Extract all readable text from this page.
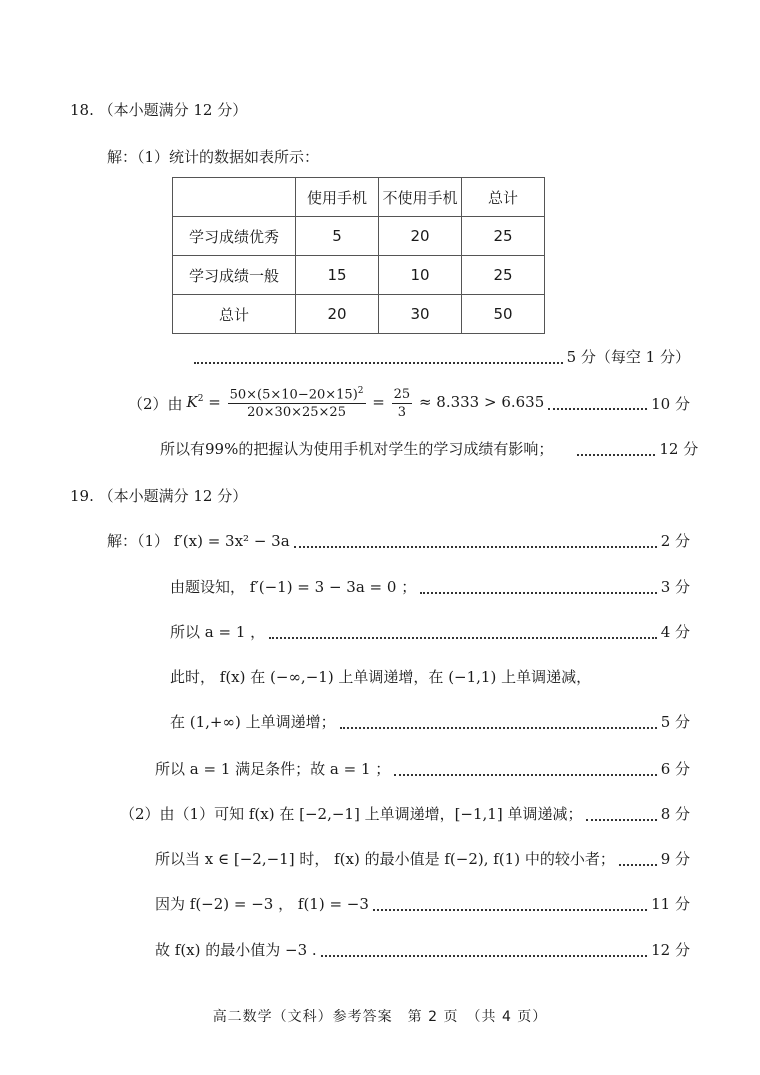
18. （本小题满分 12 分）
解：（1）统计的数据如表所示：
	使用手机	不使用手机	总计
学习成绩优秀	5	20	25
学习成绩一般	15	10	25
总计	20	30	50
5 分（每空 1 分）
（2）由 $K^2 = \frac{50\times(5\times 10-20\times 15)^2}{20\times 30\times 25\times 25} = \frac{25}{3} \approx 8.333 > 6.635$	10 分
所以有99%的把握认为使用手机对学生的学习成绩有影响；	12 分
19. （本小题满分 12 分）
解：（1） f′(x) = 3x² − 3a	2 分
由题设知， f′(−1) = 3 − 3a = 0 ；	3 分
所以 a = 1 ，	4 分
此时， f(x) 在 (−∞,−1) 上单调递增，在 (−1,1) 上单调递减，
在 (1,+∞) 上单调递增；	5 分
所以 a = 1 满足条件；故 a = 1 ；	6 分
（2）由（1）可知 f(x) 在 [−2,−1] 上单调递增，[−1,1] 单调递减；	8 分
所以当 x ∈ [−2,−1] 时， f(x) 的最小值是 f(−2), f(1) 中的较小者；	9 分
因为 f(−2) = −3 ， f(1) = −3	11 分
故 f(x) 的最小值为 −3 .	12 分
高二数学（文科）参考答案　第 2 页　（共 4 页）
